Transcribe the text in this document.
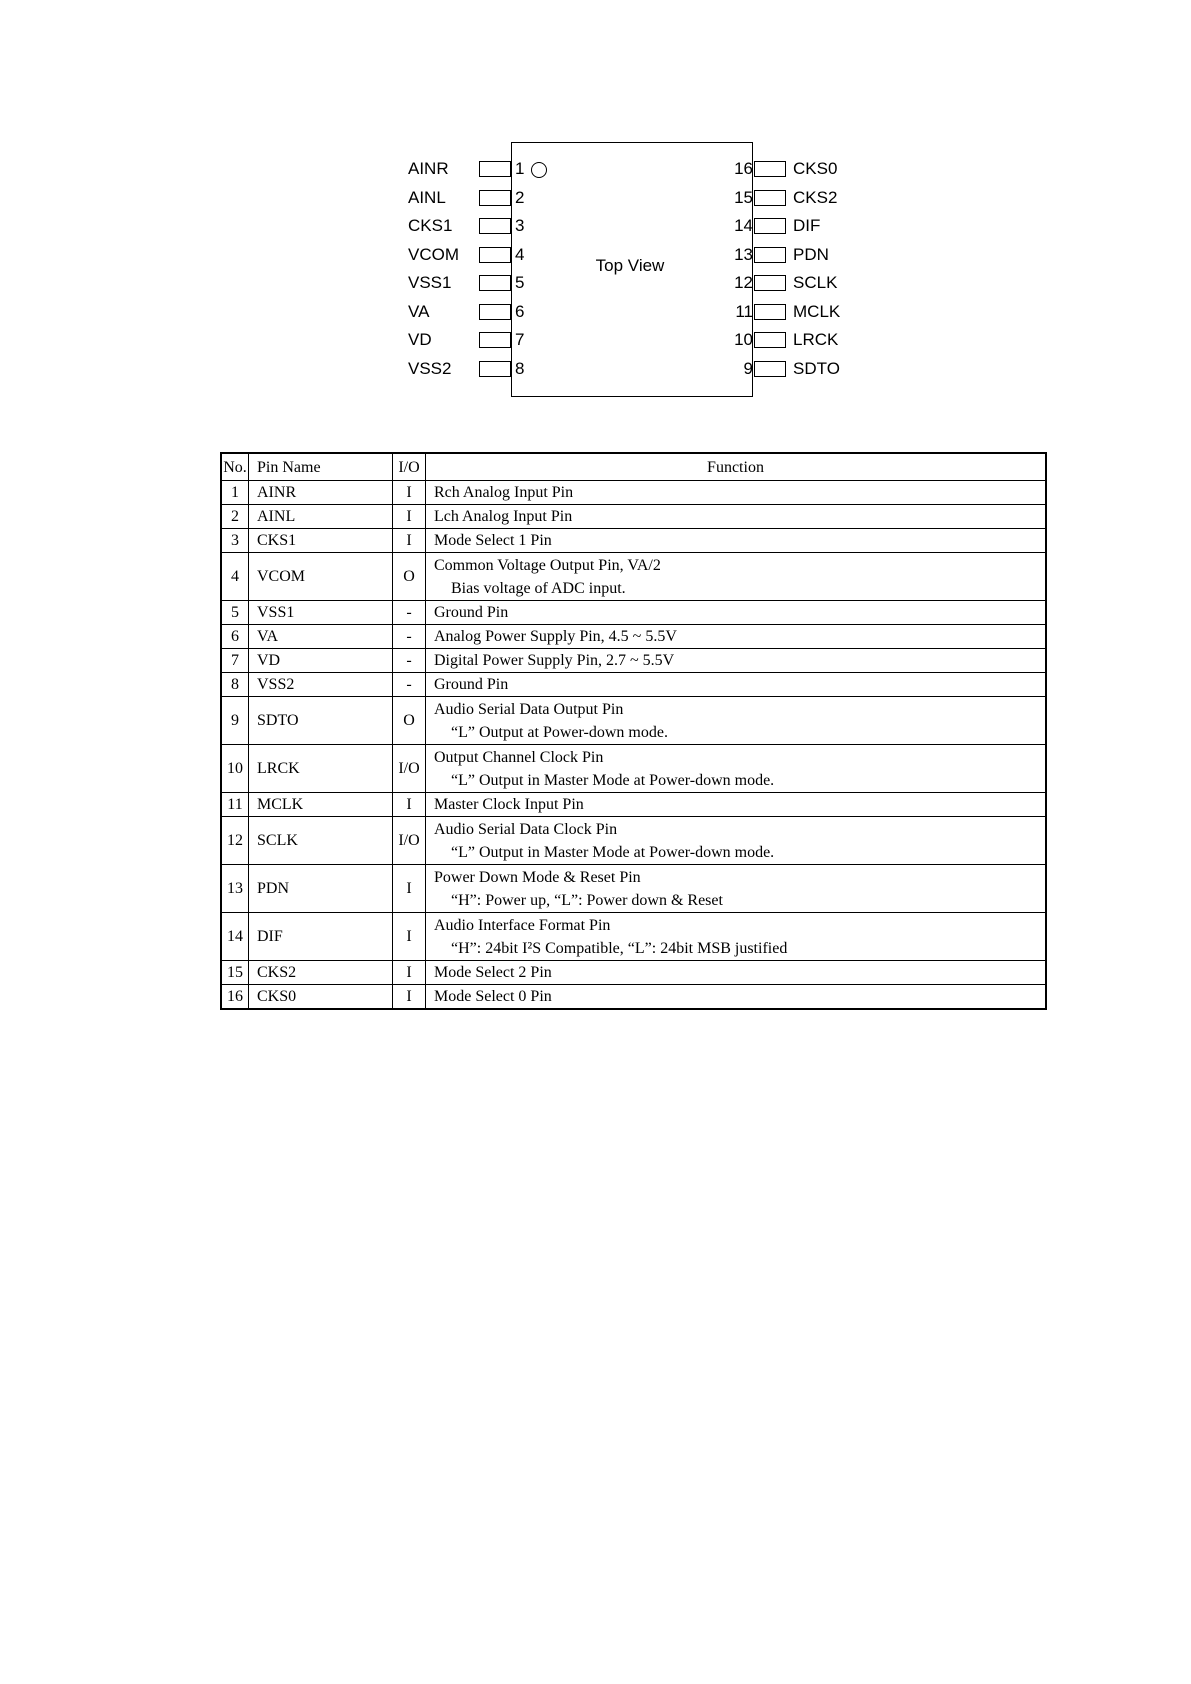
Top View
AINR	1
AINL	2
CKS1	3
VCOM	4
VSS1	5
VA	6
VD	7
VSS2	8
16 CKS0
15 CKS2
14 DIF
13 PDN
12 SCLK
11 MCLK
10 LRCK
9 SDTO
No.	Pin Name	I/O	Function
1	AINR	I	Rch Analog Input Pin
2	AINL	I	Lch Analog Input Pin
3	CKS1	I	Mode Select 1 Pin
4	VCOM	O	Common Voltage Output Pin, VA/2
Bias voltage of ADC input.

5	VSS1	-	Ground Pin
6	VA	-	Analog Power Supply Pin, 4.5 ~ 5.5V
7	VD	-	Digital Power Supply Pin, 2.7 ~ 5.5V
8	VSS2	-	Ground Pin
9	SDTO	O	Audio Serial Data Output Pin
“L” Output at Power-down mode.

10	LRCK	I/O	Output Channel Clock Pin
“L” Output in Master Mode at Power-down mode.

11	MCLK	I	Master Clock Input Pin
12	SCLK	I/O	Audio Serial Data Clock Pin
“L” Output in Master Mode at Power-down mode.

13	PDN	I	Power Down Mode & Reset Pin
“H”: Power up, “L”: Power down & Reset

14	DIF	I	Audio Interface Format Pin
“H”: 24bit I²S Compatible, “L”: 24bit MSB justified

15	CKS2	I	Mode Select 2 Pin
16	CKS0	I	Mode Select 0 Pin
